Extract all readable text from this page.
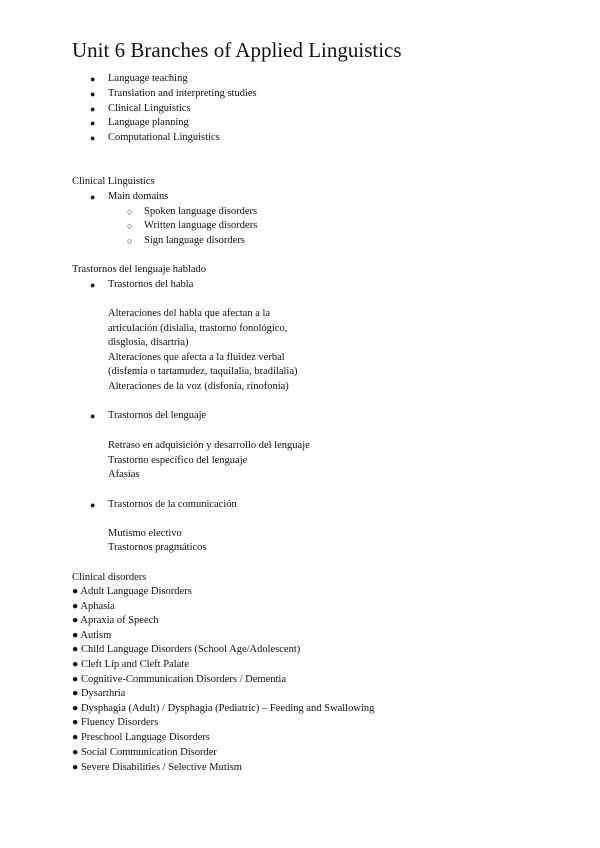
Unit 6 Branches of Applied Linguistics
● Language teaching
● Translation and interpreting studies
● Clinical Linguistics
● Language planning
● Computational Linguistics
Clinical Linguistics
● Main domains
○ Spoken language disorders
○ Written language disorders
○ Sign language disorders
Trastornos del lenguaje hablado
● Trastornos del habla
Alteraciones del habla que afectan a la
articulación (dislalia, trastorno fonológico,
disglosia, disartria)
Alteraciones que afecta a la fluidez verbal
(disfemia o tartamudez, taquilalia, bradilalia)
Alteraciones de la voz (disfonía, rinofonía)
● Trastornos del lenguaje
Retraso en adquisición y desarrollo del lenguaje
Trastorno específico del lenguaje
Afasias
● Trastornos de la comunicación
Mutismo electivo
Trastornos pragmáticos
Clinical disorders
● Adult Language Disorders
● Aphasia
● Apraxia of Speech
● Autism
● Child Language Disorders (School Age/Adolescent)
● Cleft Lip and Cleft Palate
● Cognitive-Communication Disorders / Dementia
● Dysarthria
● Dysphagia (Adult) / Dysphagia (Pediatric) – Feeding and Swallowing
● Fluency Disorders
● Preschool Language Disorders
● Social Communication Disorder
● Severe Disabilities / Selective Mutism
